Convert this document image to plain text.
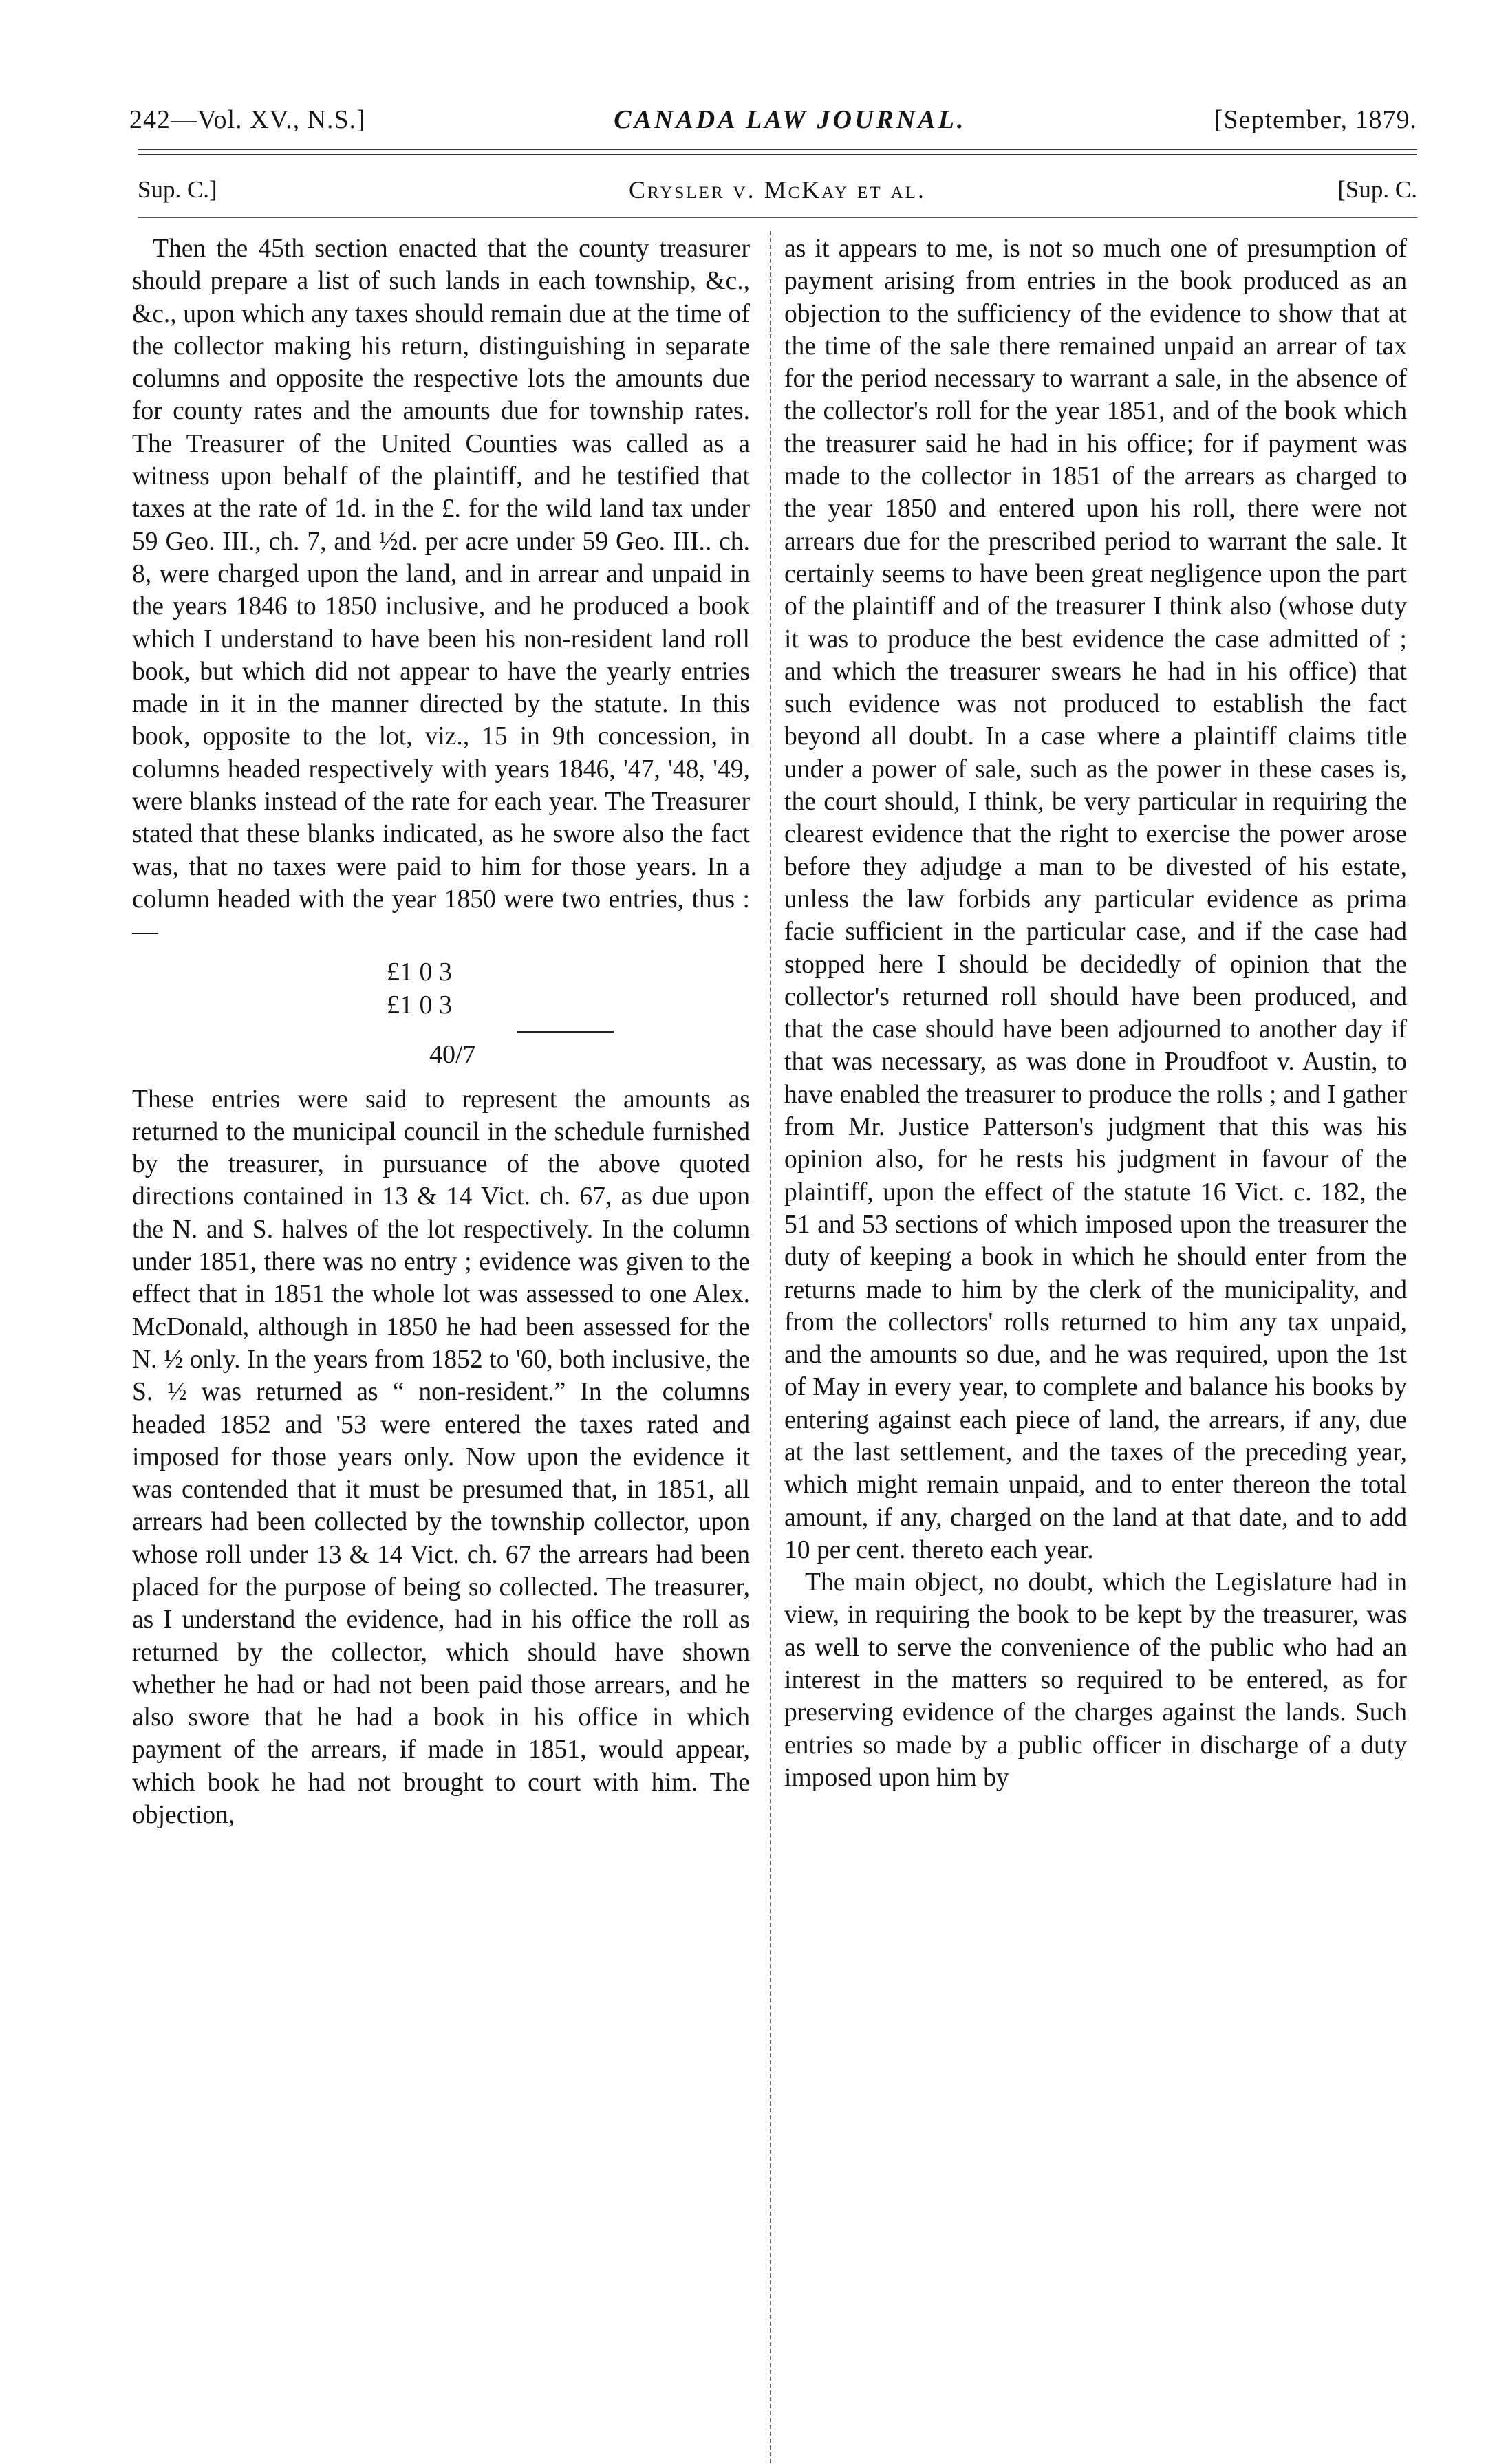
242—Vol. XV., N.S.]	CANADA LAW JOURNAL.	[September, 1879.
Sup. C.]	Crysler v. McKay et al.	[Sup. C.

Then the 45th section enacted that the county treasurer should prepare a list of such lands in each township, &c., &c., upon which any taxes should remain due at the time of the collector making his return, distinguishing in separate columns and opposite the respective lots the amounts due for county rates and the amounts due for township rates. The Treasurer of the United Counties was called as a witness upon behalf of the plaintiff, and he testified that taxes at the rate of 1d. in the £. for the wild land tax under 59 Geo. III., ch. 7, and ½d. per acre under 59 Geo. III.. ch. 8, were charged upon the land, and in arrear and unpaid in the years 1846 to 1850 inclusive, and he produced a book which I understand to have been his non-resident land roll book, but which did not appear to have the yearly entries made in it in the manner directed by the statute. In this book, opposite to the lot, viz., 15 in 9th concession, in columns headed respectively with years 1846, '47, '48, '49, were blanks instead of the rate for each year. The Treasurer stated that these blanks indicated, as he swore also the fact was, that no taxes were paid to him for those years. In a column headed with the year 1850 were two entries, thus :—

£1 0 3
£1 0 3
40/7

These entries were said to represent the amounts as returned to the municipal council in the schedule furnished by the treasurer, in pursuance of the above quoted directions contained in 13 & 14 Vict. ch. 67, as due upon the N. and S. halves of the lot respectively. In the column under 1851, there was no entry ; evidence was given to the effect that in 1851 the whole lot was assessed to one Alex. McDonald, although in 1850 he had been assessed for the N. ½ only. In the years from 1852 to '60, both inclusive, the S. ½ was returned as “ non-resident.” In the columns headed 1852 and '53 were entered the taxes rated and imposed for those years only. Now upon the evidence it was contended that it must be presumed that, in 1851, all arrears had been collected by the township collector, upon whose roll under 13 & 14 Vict. ch. 67 the arrears had been placed for the purpose of being so collected. The treasurer, as I understand the evidence, had in his office the roll as returned by the collector, which should have shown whether he had or had not been paid those arrears, and he also swore that he had a book in his office in which payment of the arrears, if made in 1851, would appear, which book he had not brought to court with him. The objection,

as it appears to me, is not so much one of presumption of payment arising from entries in the book produced as an objection to the sufficiency of the evidence to show that at the time of the sale there remained unpaid an arrear of tax for the period necessary to warrant a sale, in the absence of the collector's roll for the year 1851, and of the book which the treasurer said he had in his office; for if payment was made to the collector in 1851 of the arrears as charged to the year 1850 and entered upon his roll, there were not arrears due for the prescribed period to warrant the sale. It certainly seems to have been great negligence upon the part of the plaintiff and of the treasurer I think also (whose duty it was to produce the best evidence the case admitted of ; and which the treasurer swears he had in his office) that such evidence was not produced to establish the fact beyond all doubt. In a case where a plaintiff claims title under a power of sale, such as the power in these cases is, the court should, I think, be very particular in requiring the clearest evidence that the right to exercise the power arose before they adjudge a man to be divested of his estate, unless the law forbids any particular evidence as prima facie sufficient in the particular case, and if the case had stopped here I should be decidedly of opinion that the collector's returned roll should have been produced, and that the case should have been adjourned to another day if that was necessary, as was done in Proudfoot v. Austin, to have enabled the treasurer to produce the rolls ; and I gather from Mr. Justice Patterson's judgment that this was his opinion also, for he rests his judgment in favour of the plaintiff, upon the effect of the statute 16 Vict. c. 182, the 51 and 53 sections of which imposed upon the treasurer the duty of keeping a book in which he should enter from the returns made to him by the clerk of the municipality, and from the collectors' rolls returned to him any tax unpaid, and the amounts so due, and he was required, upon the 1st of May in every year, to complete and balance his books by entering against each piece of land, the arrears, if any, due at the last settlement, and the taxes of the preceding year, which might remain unpaid, and to enter thereon the total amount, if any, charged on the land at that date, and to add 10 per cent. thereto each year.

The main object, no doubt, which the Legislature had in view, in requiring the book to be kept by the treasurer, was as well to serve the convenience of the public who had an interest in the matters so required to be entered, as for preserving evidence of the charges against the lands. Such entries so made by a public officer in discharge of a duty imposed upon him by
